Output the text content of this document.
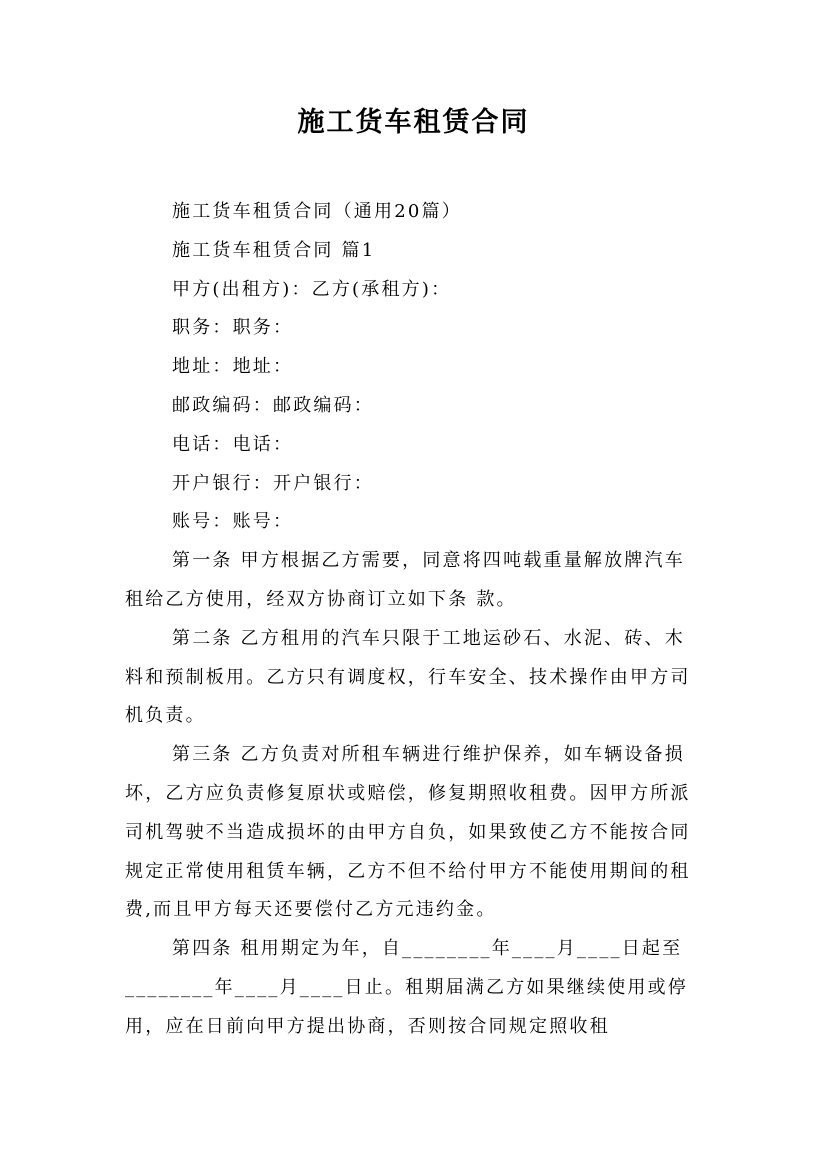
施工货车租赁合同

施工货车租赁合同（通用20篇）

施工货车租赁合同 篇1

甲方(出租方)：乙方(承租方)：

职务：职务：

地址：地址：

邮政编码：邮政编码：

电话：电话：

开户银行：开户银行：

账号：账号：

第一条 甲方根据乙方需要，同意将四吨载重量解放牌汽车租给乙方使用，经双方协商订立如下条 款。

第二条 乙方租用的汽车只限于工地运砂石、水泥、砖、木料和预制板用。乙方只有调度权，行车安全、技术操作由甲方司机负责。

第三条 乙方负责对所租车辆进行维护保养，如车辆设备损坏，乙方应负责修复原状或赔偿，修复期照收租费。因甲方所派司机驾驶不当造成损坏的由甲方自负，如果致使乙方不能按合同规定正常使用租赁车辆，乙方不但不给付甲方不能使用期间的租费,而且甲方每天还要偿付乙方元违约金。

第四条 租用期定为年，自________年____月____日起至________年____月____日止。租期届满乙方如果继续使用或停用，应在日前向甲方提出协商，否则按合同规定照收租
